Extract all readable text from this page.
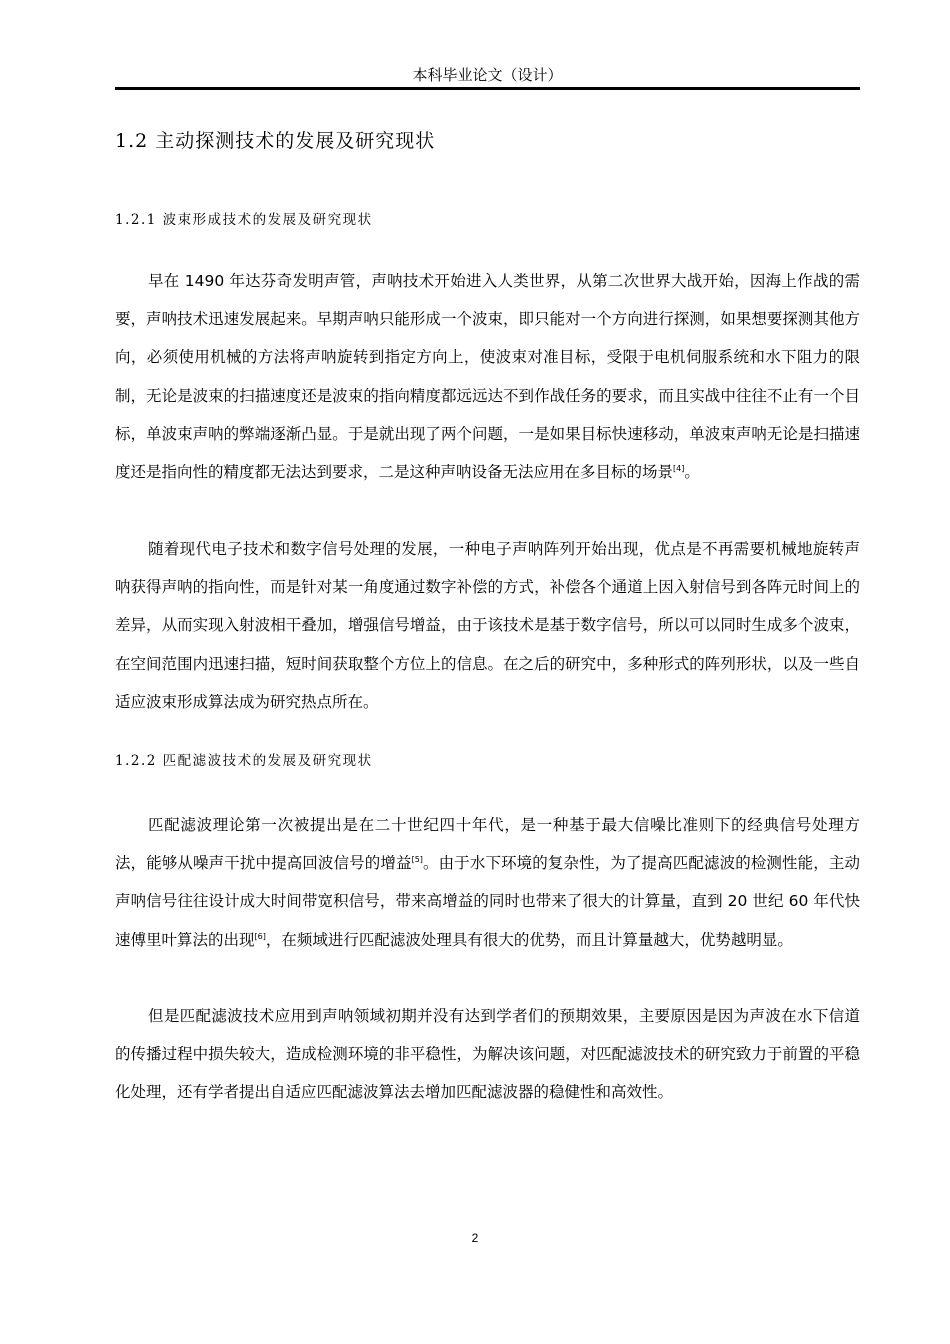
本科毕业论文（设计）
1.2 主动探测技术的发展及研究现状
1.2.1 波束形成技术的发展及研究现状
早在 1490 年达芬奇发明声管，声呐技术开始进入人类世界，从第二次世界大战开始，因海上作战的需要，声呐技术迅速发展起来。早期声呐只能形成一个波束，即只能对一个方向进行探测，如果想要探测其他方向，必须使用机械的方法将声呐旋转到指定方向上，使波束对准目标，受限于电机伺服系统和水下阻力的限制，无论是波束的扫描速度还是波束的指向精度都远远达不到作战任务的要求，而且实战中往往不止有一个目标，单波束声呐的弊端逐渐凸显。于是就出现了两个问题，一是如果目标快速移动，单波束声呐无论是扫描速度还是指向性的精度都无法达到要求，二是这种声呐设备无法应用在多目标的场景[4]。
随着现代电子技术和数字信号处理的发展，一种电子声呐阵列开始出现，优点是不再需要机械地旋转声呐获得声呐的指向性，而是针对某一角度通过数字补偿的方式，补偿各个通道上因入射信号到各阵元时间上的差异，从而实现入射波相干叠加，增强信号增益，由于该技术是基于数字信号，所以可以同时生成多个波束，在空间范围内迅速扫描，短时间获取整个方位上的信息。在之后的研究中，多种形式的阵列形状，以及一些自适应波束形成算法成为研究热点所在。
1.2.2 匹配滤波技术的发展及研究现状
匹配滤波理论第一次被提出是在二十世纪四十年代，是一种基于最大信噪比准则下的经典信号处理方法，能够从噪声干扰中提高回波信号的增益[5]。由于水下环境的复杂性，为了提高匹配滤波的检测性能，主动声呐信号往往设计成大时间带宽积信号，带来高增益的同时也带来了很大的计算量，直到 20 世纪 60 年代快速傅里叶算法的出现[6]，在频域进行匹配滤波处理具有很大的优势，而且计算量越大，优势越明显。
但是匹配滤波技术应用到声呐领域初期并没有达到学者们的预期效果，主要原因是因为声波在水下信道的传播过程中损失较大，造成检测环境的非平稳性，为解决该问题，对匹配滤波技术的研究致力于前置的平稳化处理，还有学者提出自适应匹配滤波算法去增加匹配滤波器的稳健性和高效性。
2
